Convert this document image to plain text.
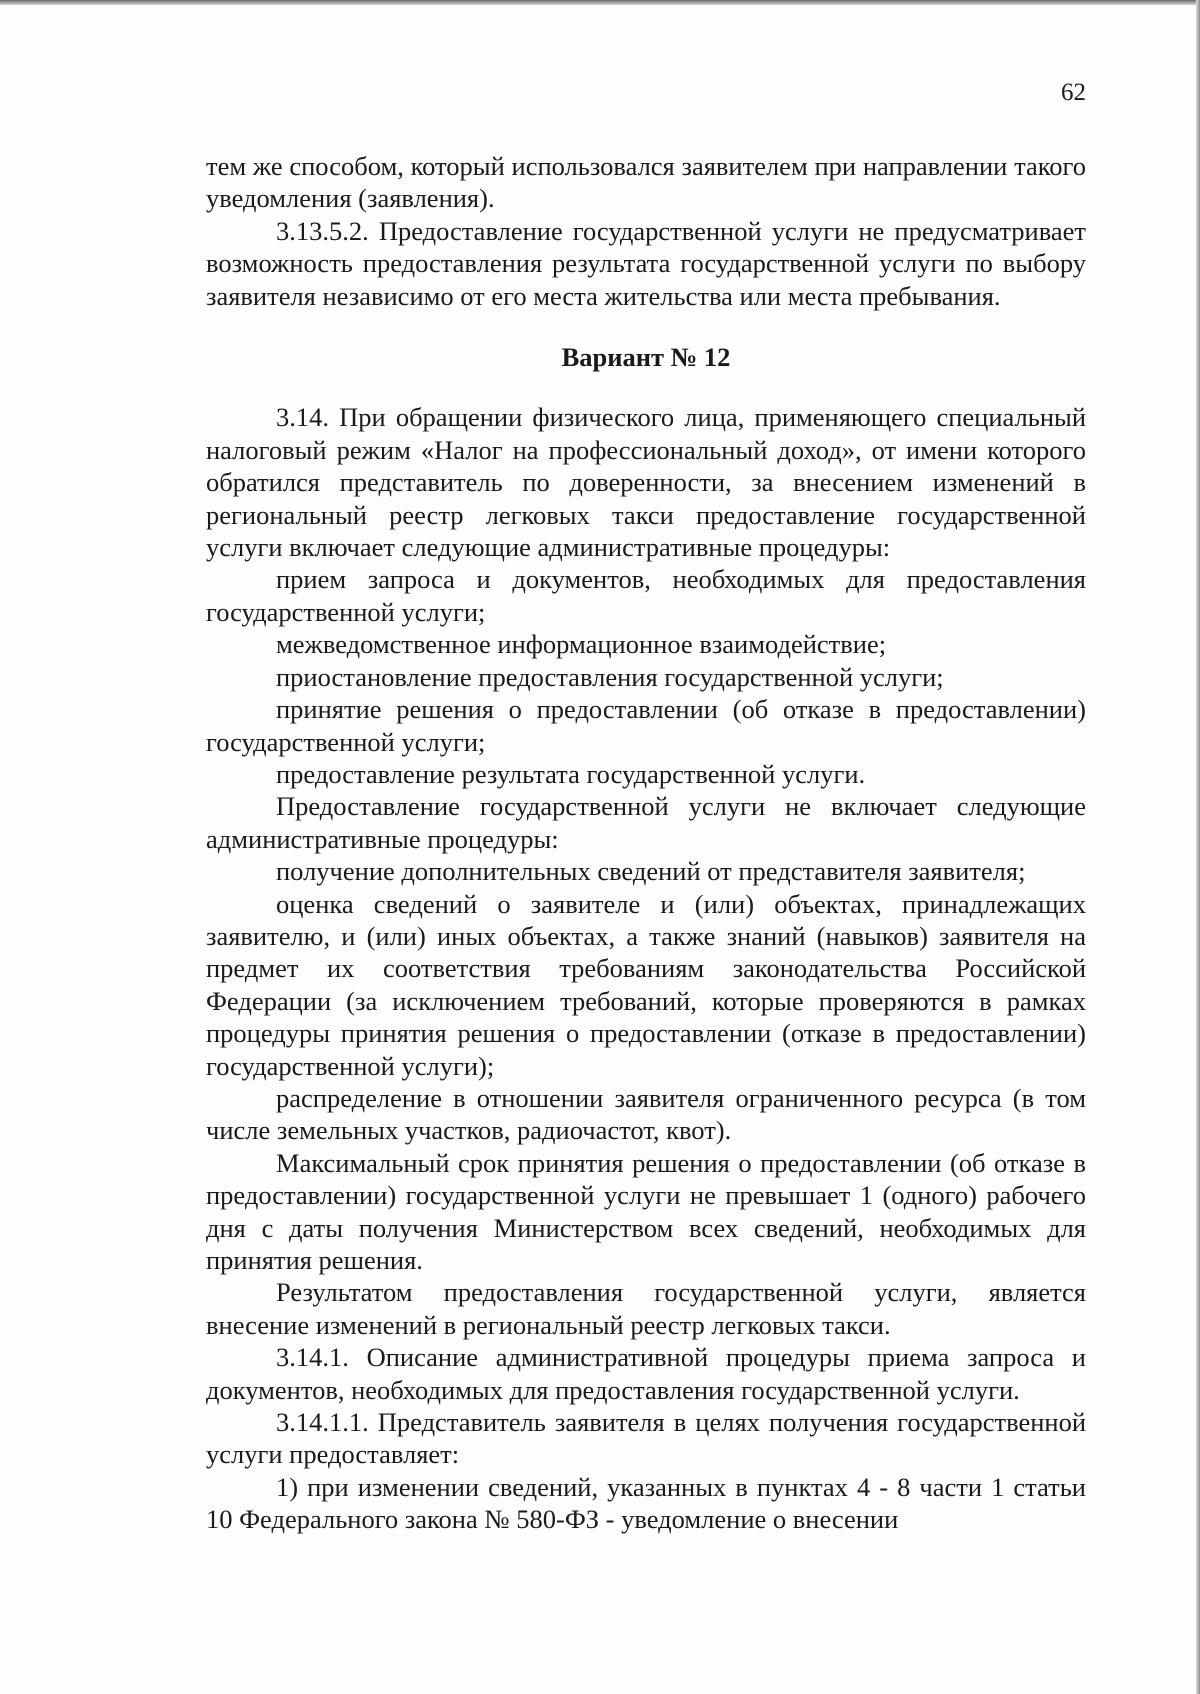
62

тем же способом, который использовался заявителем при направлении такого уведомления (заявления).

3.13.5.2. Предоставление государственной услуги не предусматривает возможность предоставления результата государственной услуги по выбору заявителя независимо от его места жительства или места пребывания.

Вариант № 12

3.14. При обращении физического лица, применяющего специальный налоговый режим «Налог на профессиональный доход», от имени которого обратился представитель по доверенности, за внесением изменений в региональный реестр легковых такси предоставление государственной услуги включает следующие административные процедуры:

прием запроса и документов, необходимых для предоставления государственной услуги;

межведомственное информационное взаимодействие;

приостановление предоставления государственной услуги;

принятие решения о предоставлении (об отказе в предоставлении) государственной услуги;

предоставление результата государственной услуги.

Предоставление государственной услуги не включает следующие административные процедуры:

получение дополнительных сведений от представителя заявителя;

оценка сведений о заявителе и (или) объектах, принадлежащих заявителю, и (или) иных объектах, а также знаний (навыков) заявителя на предмет их соответствия требованиям законодательства Российской Федерации (за исключением требований, которые проверяются в рамках процедуры принятия решения о предоставлении (отказе в предоставлении) государственной услуги);

распределение в отношении заявителя ограниченного ресурса (в том числе земельных участков, радиочастот, квот).

Максимальный срок принятия решения о предоставлении (об отказе в предоставлении) государственной услуги не превышает 1 (одного) рабочего дня с даты получения Министерством всех сведений, необходимых для принятия решения.

Результатом предоставления государственной услуги, является внесение изменений в региональный реестр легковых такси.

3.14.1. Описание административной процедуры приема запроса и документов, необходимых для предоставления государственной услуги.

3.14.1.1. Представитель заявителя в целях получения государственной услуги предоставляет:

1) при изменении сведений, указанных в пунктах 4 - 8 части 1 статьи 10 Федерального закона № 580-ФЗ - уведомление о внесении
